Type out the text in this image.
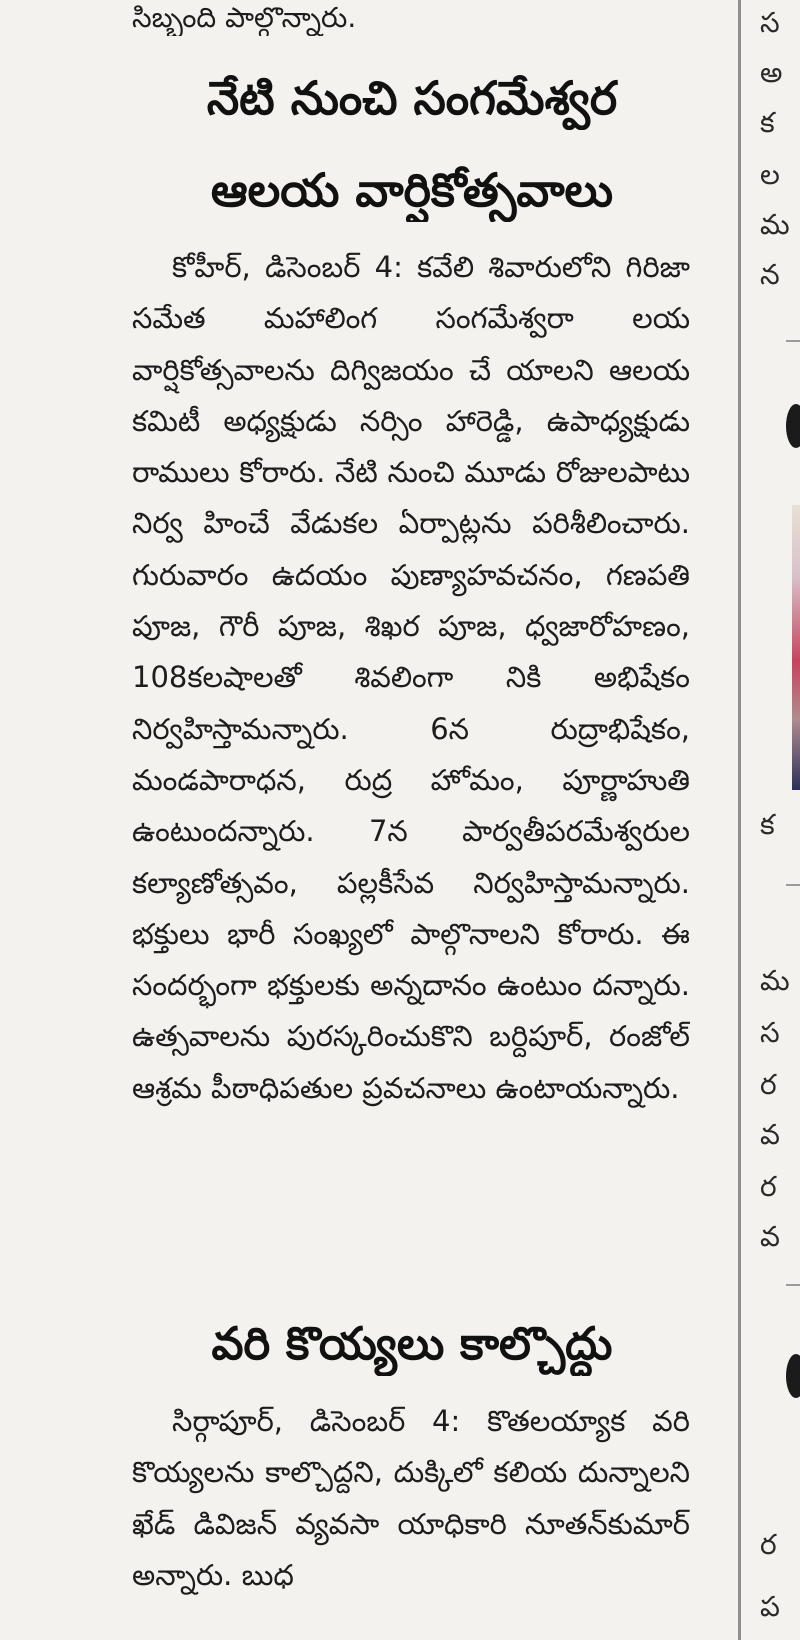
సిబ్బంది పాల్గొన్నారు.
నేటి నుంచి సంగమేశ్వర
ఆలయ వార్షికోత్సవాలు

కోహీర్, డిసెంబర్ 4: కవేలి శివారులోని గిరిజా సమేత మహాలింగ సంగమేశ్వరా లయ వార్షికోత్సవాలను దిగ్విజయం చే యాలని ఆలయ కమిటీ అధ్యక్షుడు నర్సిం హారెడ్డి, ఉపాధ్యక్షుడు రాములు కోరారు. నేటి నుంచి మూడు రోజులపాటు నిర్వ హించే వేడుకల ఏర్పాట్లను పరిశీలించారు. గురువారం ఉదయం పుణ్యాహవచనం, గణపతి పూజ, గౌరీ పూజ, శిఖర పూజ, ధ్వజారోహణం, 108కలషాలతో శివలింగా నికి అభిషేకం నిర్వహిస్తామన్నారు. 6న రుద్రాభిషేకం, మండపారాధన, రుద్ర హోమం, పూర్ణాహుతి ఉంటుందన్నారు. 7న పార్వతీపరమేశ్వరుల కల్యాణోత్సవం, పల్లకీసేవ నిర్వహిస్తామన్నారు. భక్తులు భారీ సంఖ్యలో పాల్గొనాలని కోరారు. ఈ సందర్భంగా భక్తులకు అన్నదానం ఉంటుం దన్నారు. ఉత్సవాలను పురస్కరించుకొని బర్దిపూర్, రంజోల్ ఆశ్రమ పీఠాధిపతుల ప్రవచనాలు ఉంటాయన్నారు.

వరి కొయ్యలు కాల్చొద్దు

సిర్గాపూర్, డిసెంబర్ 4: కొతలయ్యాక వరి కొయ్యలను కాల్చొద్దని, దుక్కిలో కలియ దున్నాలని ఖేడ్ డివిజన్ వ్యవసా యాధికారి నూతన్‌కుమార్ అన్నారు. బుధ

స
అ
క
ల
మ
న
క
మ
స
ర
వ
ర
వ
ర
ప
